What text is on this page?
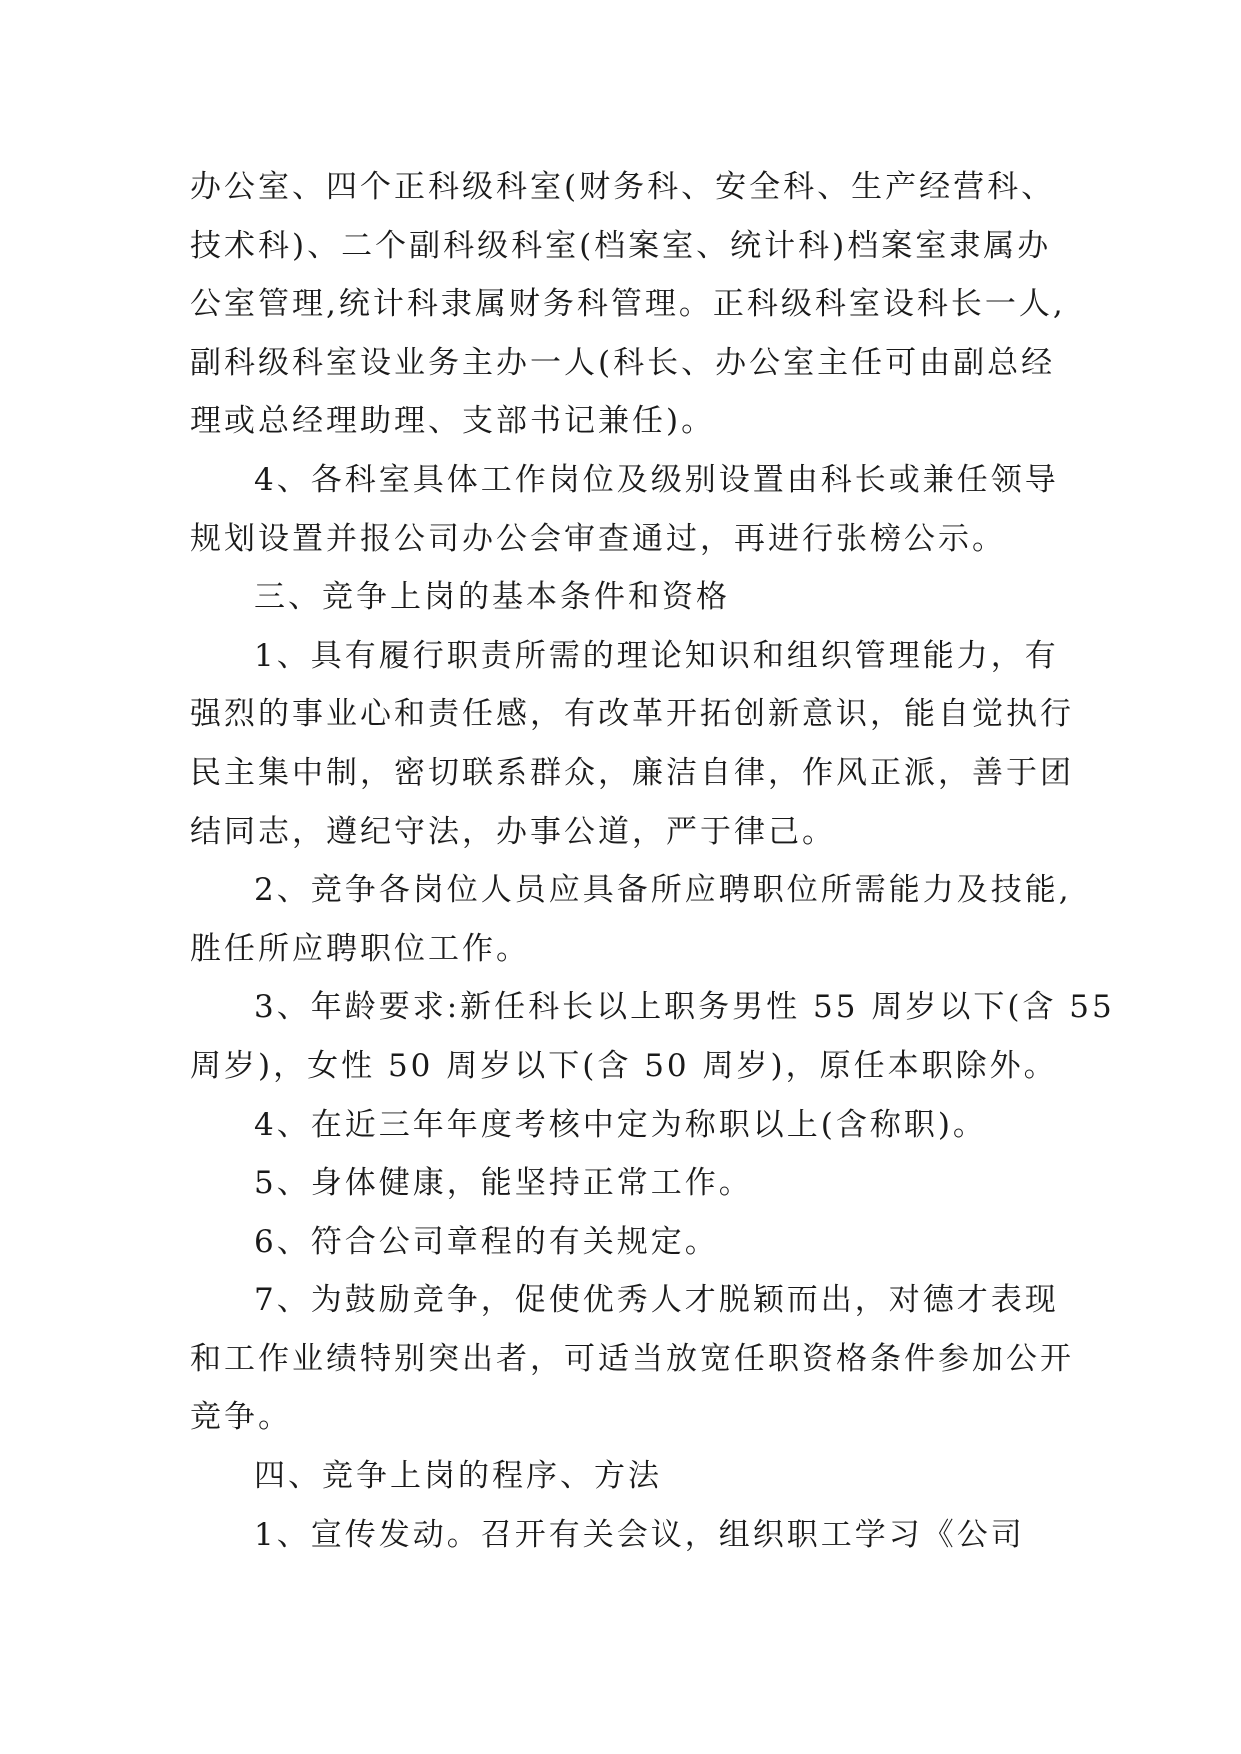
办公室、四个正科级科室(财务科、安全科、生产经营科、
技术科)、二个副科级科室(档案室、统计科)档案室隶属办
公室管理,统计科隶属财务科管理。正科级科室设科长一人,
副科级科室设业务主办一人(科长、办公室主任可由副总经
理或总经理助理、支部书记兼任)。

4、各科室具体工作岗位及级别设置由科长或兼任领导
规划设置并报公司办公会审查通过，再进行张榜公示。

三、竞争上岗的基本条件和资格

1、具有履行职责所需的理论知识和组织管理能力，有
强烈的事业心和责任感，有改革开拓创新意识，能自觉执行
民主集中制，密切联系群众，廉洁自律，作风正派，善于团
结同志，遵纪守法，办事公道，严于律己。

2、竞争各岗位人员应具备所应聘职位所需能力及技能,
胜任所应聘职位工作。

3、年龄要求:新任科长以上职务男性 55 周岁以下(含 55
周岁)，女性 50 周岁以下(含 50 周岁)，原任本职除外。

4、在近三年年度考核中定为称职以上(含称职)。

5、身体健康，能坚持正常工作。

6、符合公司章程的有关规定。

7、为鼓励竞争，促使优秀人才脱颖而出，对德才表现
和工作业绩特别突出者，可适当放宽任职资格条件参加公开
竞争。

四、竞争上岗的程序、方法

1、宣传发动。召开有关会议，组织职工学习《公司
